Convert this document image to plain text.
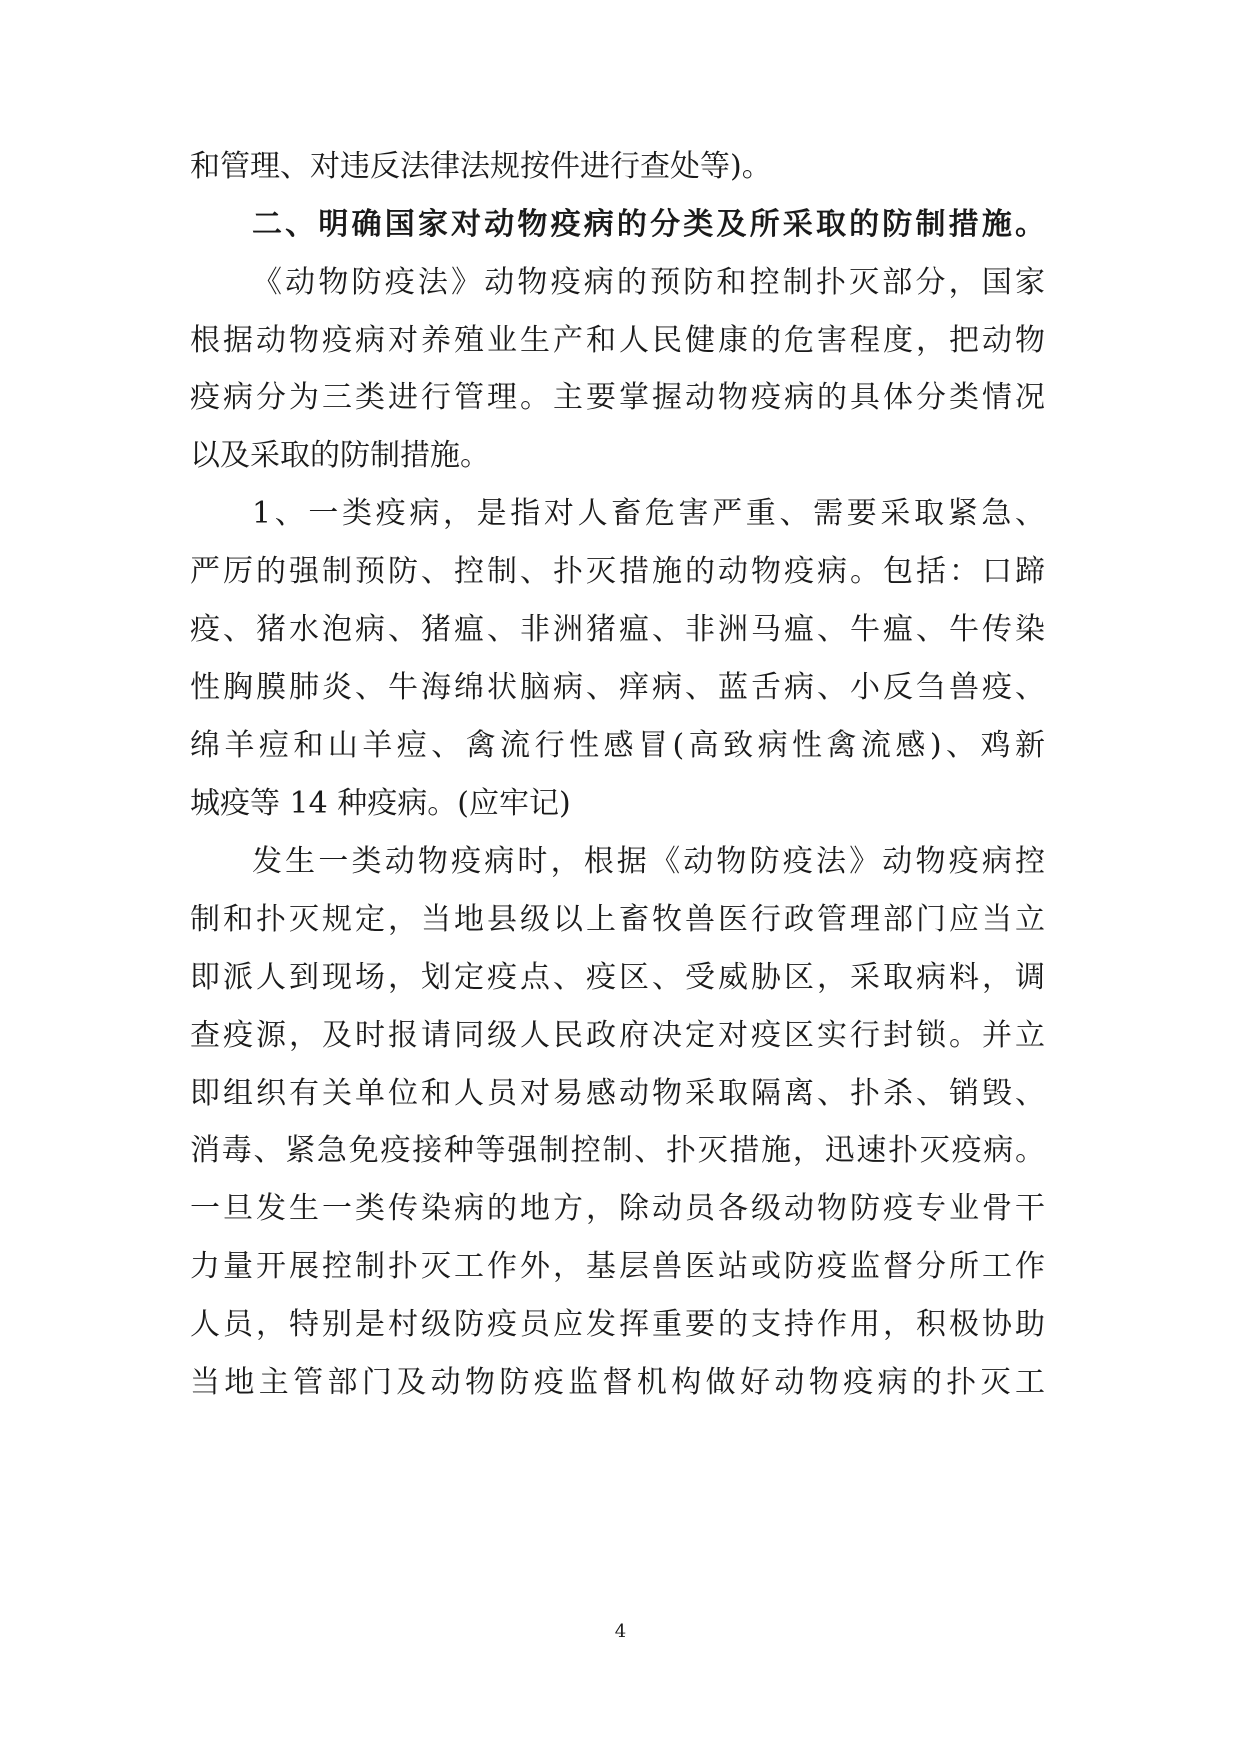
和管理、对违反法律法规按件进行查处等)。
二、明确国家对动物疫病的分类及所采取的防制措施。
《动物防疫法》动物疫病的预防和控制扑灭部分，国家
根据动物疫病对养殖业生产和人民健康的危害程度，把动物
疫病分为三类进行管理。主要掌握动物疫病的具体分类情况
以及采取的防制措施。
1、一类疫病，是指对人畜危害严重、需要采取紧急、
严厉的强制预防、控制、扑灭措施的动物疫病。包括：口蹄
疫、猪水泡病、猪瘟、非洲猪瘟、非洲马瘟、牛瘟、牛传染
性胸膜肺炎、牛海绵状脑病、痒病、蓝舌病、小反刍兽疫、
绵羊痘和山羊痘、禽流行性感冒(高致病性禽流感)、鸡新
城疫等 14 种疫病。(应牢记)
发生一类动物疫病时，根据《动物防疫法》动物疫病控
制和扑灭规定，当地县级以上畜牧兽医行政管理部门应当立
即派人到现场，划定疫点、疫区、受威胁区，采取病料，调
查疫源，及时报请同级人民政府决定对疫区实行封锁。并立
即组织有关单位和人员对易感动物采取隔离、扑杀、销毁、
消毒、紧急免疫接种等强制控制、扑灭措施，迅速扑灭疫病。
一旦发生一类传染病的地方，除动员各级动物防疫专业骨干
力量开展控制扑灭工作外，基层兽医站或防疫监督分所工作
人员，特别是村级防疫员应发挥重要的支持作用，积极协助
当地主管部门及动物防疫监督机构做好动物疫病的扑灭工
4
